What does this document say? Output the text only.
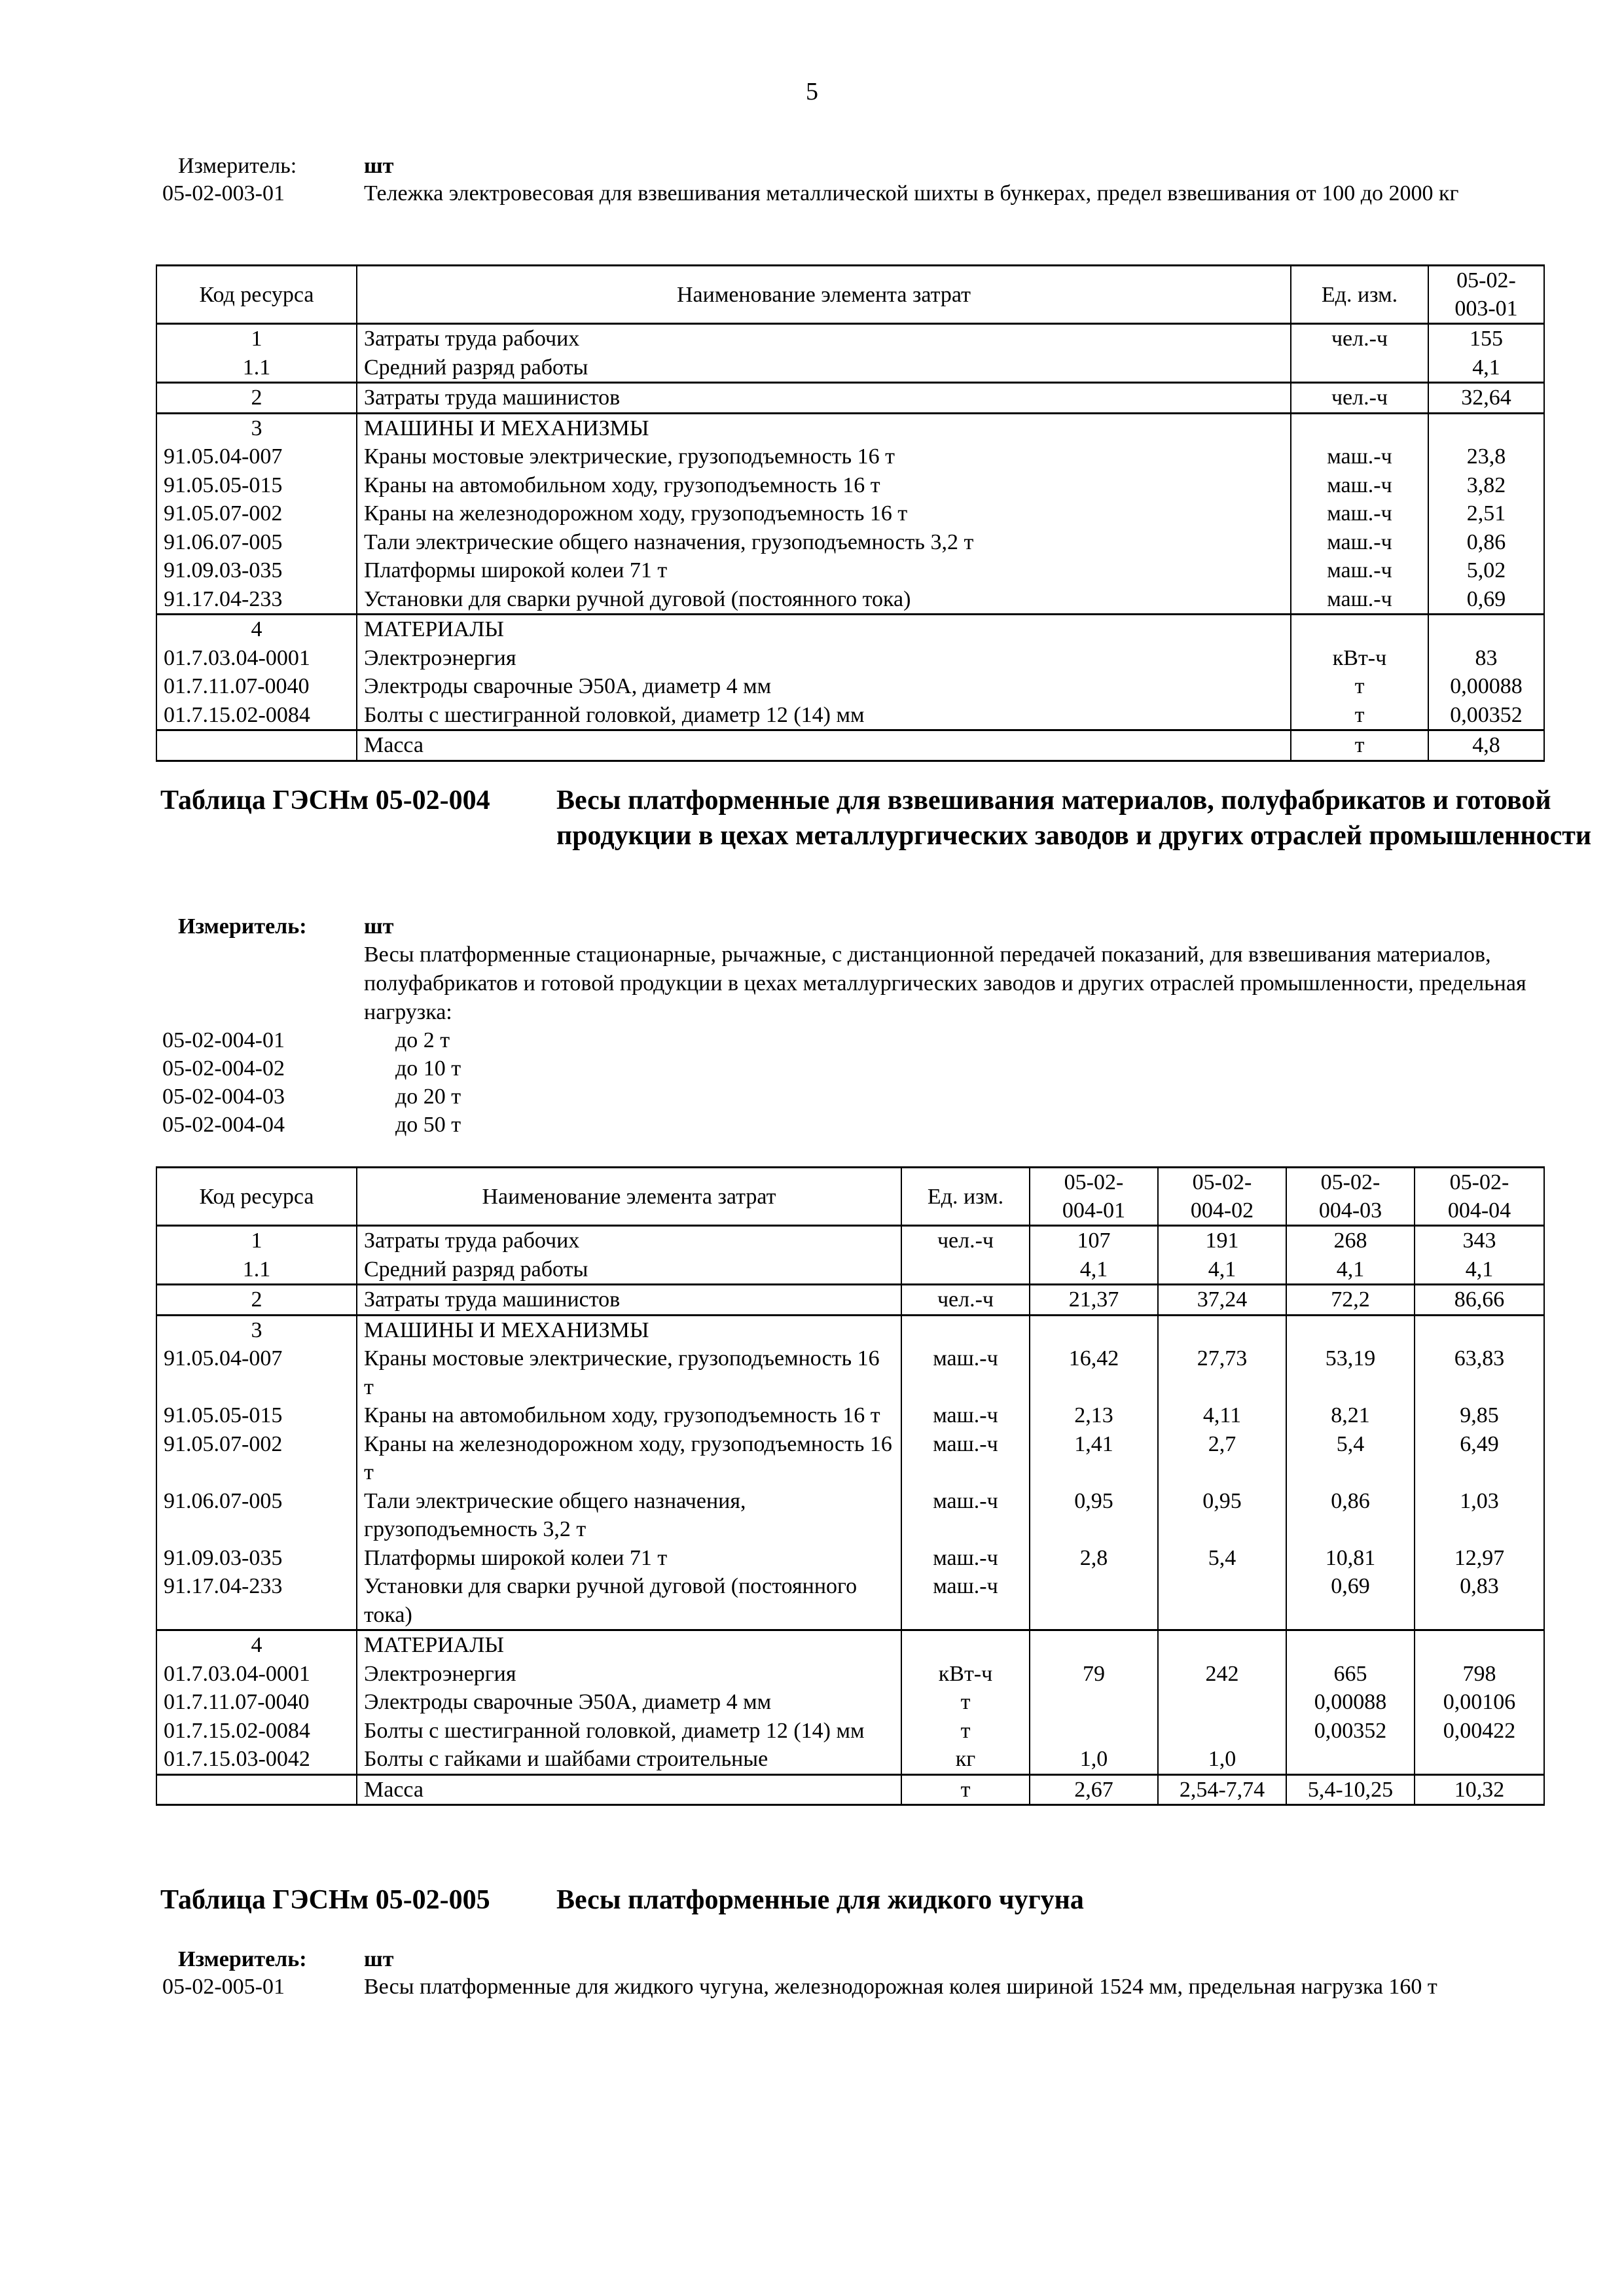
5
Измеритель:	шт
05-02-003-01	Тележка электровесовая для взвешивания металлической шихты в бункерах, предел взвешивания от 100 до 2000 кг
Код ресурса	Наименование элемента затрат	Ед. изм.	05-02-
003-01
1	Затраты труда рабочих	чел.-ч	155
1.1	Средний разряд работы		4,1
2	Затраты труда машинистов	чел.-ч	32,64
3	МАШИНЫ И МЕХАНИЗМЫ		
91.05.04-007	Краны мостовые электрические, грузоподъемность 16 т	маш.-ч	23,8
91.05.05-015	Краны на автомобильном ходу, грузоподъемность 16 т	маш.-ч	3,82
91.05.07-002	Краны на железнодорожном ходу, грузоподъемность 16 т	маш.-ч	2,51
91.06.07-005	Тали электрические общего назначения, грузоподъемность 3,2 т	маш.-ч	0,86
91.09.03-035	Платформы широкой колеи 71 т	маш.-ч	5,02
91.17.04-233	Установки для сварки ручной дуговой (постоянного тока)	маш.-ч	0,69
4	МАТЕРИАЛЫ		
01.7.03.04-0001	Электроэнергия	кВт-ч	83
01.7.11.07-0040	Электроды сварочные Э50А, диаметр 4 мм	т	0,00088
01.7.15.02-0084	Болты с шестигранной головкой, диаметр 12 (14) мм	т	0,00352
	Масса	т	4,8
Таблица ГЭСНм 05-02-004 Весы платформенные для взвешивания материалов, полуфабрикатов и готовой продукции в цехах металлургических заводов и других отраслей промышленности
Измеритель:	шт
Весы платформенные стационарные, рычажные, с дистанционной передачей показаний, для взвешивания материалов, полуфабрикатов и готовой продукции в цехах металлургических заводов и других отраслей промышленности, предельная нагрузка:
05-02-004-01	до 2 т
05-02-004-02	до 10 т
05-02-004-03	до 20 т
05-02-004-04	до 50 т
Код ресурса	Наименование элемента затрат	Ед. изм.	05-02-
004-01	05-02-
004-02	05-02-
004-03	05-02-
004-04
1	Затраты труда рабочих	чел.-ч	107	191	268	343
1.1	Средний разряд работы		4,1	4,1	4,1	4,1
2	Затраты труда машинистов	чел.-ч	21,37	37,24	72,2	86,66
3	МАШИНЫ И МЕХАНИЗМЫ					
91.05.04-007	Краны мостовые электрические, грузоподъемность 16 т	маш.-ч	16,42	27,73	53,19	63,83
91.05.05-015	Краны на автомобильном ходу, грузоподъемность 16 т	маш.-ч	2,13	4,11	8,21	9,85
91.05.07-002	Краны на железнодорожном ходу, грузоподъемность 16 т	маш.-ч	1,41	2,7	5,4	6,49
91.06.07-005	Тали электрические общего назначения, грузоподъемность 3,2 т	маш.-ч	0,95	0,95	0,86	1,03
91.09.03-035	Платформы широкой колеи 71 т	маш.-ч	2,8	5,4	10,81	12,97
91.17.04-233	Установки для сварки ручной дуговой (постоянного тока)	маш.-ч			0,69	0,83
4	МАТЕРИАЛЫ					
01.7.03.04-0001	Электроэнергия	кВт-ч	79	242	665	798
01.7.11.07-0040	Электроды сварочные Э50А, диаметр 4 мм	т			0,00088	0,00106
01.7.15.02-0084	Болты с шестигранной головкой, диаметр 12 (14) мм	т			0,00352	0,00422
01.7.15.03-0042	Болты с гайками и шайбами строительные	кг	1,0	1,0		
	Масса	т	2,67	2,54-7,74	5,4-10,25	10,32
Таблица ГЭСНм 05-02-005 Весы платформенные для жидкого чугуна
Измеритель:	шт
05-02-005-01	Весы платформенные для жидкого чугуна, железнодорожная колея шириной 1524 мм, предельная нагрузка 160 т
